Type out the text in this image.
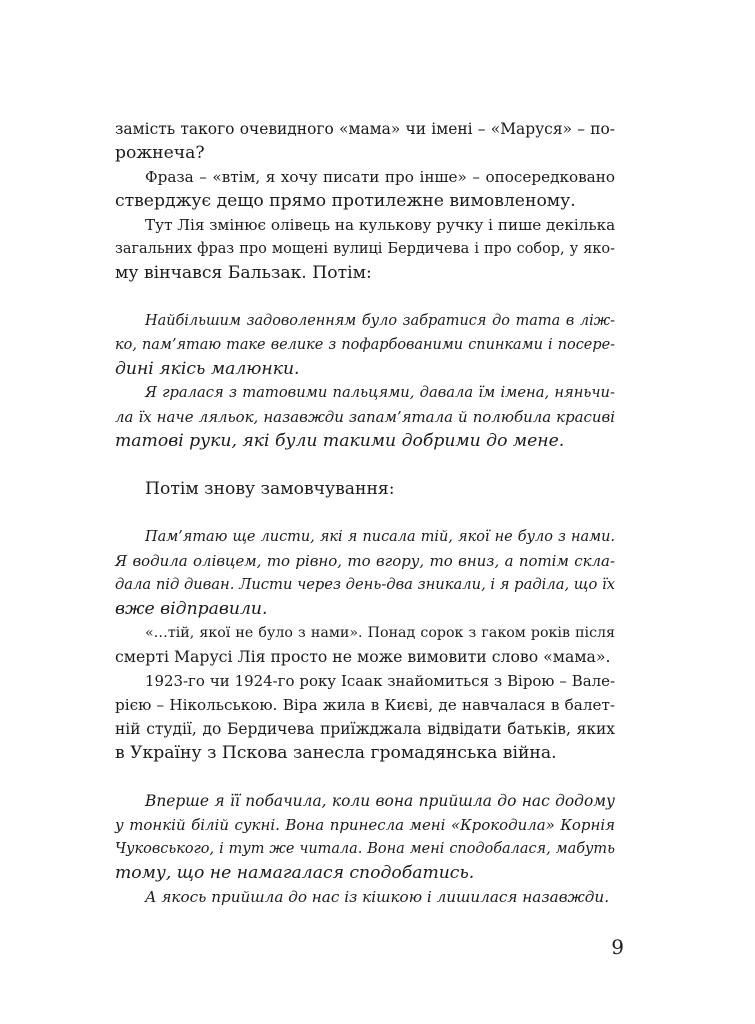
замість такого очевидного «мама» чи імені – «Маруся» – по-
рожнеча?
Фраза – «втім, я хочу писати про інше» – опосередковано
стверджує дещо прямо протилежне вимовленому.
Тут Лія змінює олівець на кулькову ручку і пише декілька
загальних фраз про мощені вулиці Бердичева і про собор, у яко-
му вінчався Бальзак. Потім:
Найбільшим задоволенням було забратися до тата в ліж-
ко, пам’ятаю таке велике з пофарбованими спинками і посере-
дині якісь малюнки.
Я гралася з татовими пальцями, давала їм імена, няньчи-
ла їх наче ляльок, назавжди запам’ятала й полюбила красиві
татові руки, які були такими добрими до мене.
Потім знову замовчування:
Пам’ятаю ще листи, які я писала тій, якої не було з нами.
Я водила олівцем, то рівно, то вгору, то вниз, а потім скла-
дала під диван. Листи через день-два зникали, і я раділа, що їх
вже відправили.
«…тій, якої не було з нами». Понад сорок з гаком років після
смерті Марусі Лія просто не може вимовити слово «мама».
1923-го чи 1924-го року Ісаак знайомиться з Вірою – Вале-
рією – Нікольською. Віра жила в Києві, де навчалася в балет-
ній студії, до Бердичева приїжджала відвідати батьків, яких
в Україну з Пскова занесла громадянська війна.
Вперше я її побачила, коли вона прийшла до нас додому
у тонкій білій сукні. Вона принесла мені «Крокодила» Корнія
Чуковського, і тут же читала. Вона мені сподобалася, мабуть
тому, що не намагалася сподобатись.
А якось прийшла до нас із кішкою і лишилася назавжди.
9
